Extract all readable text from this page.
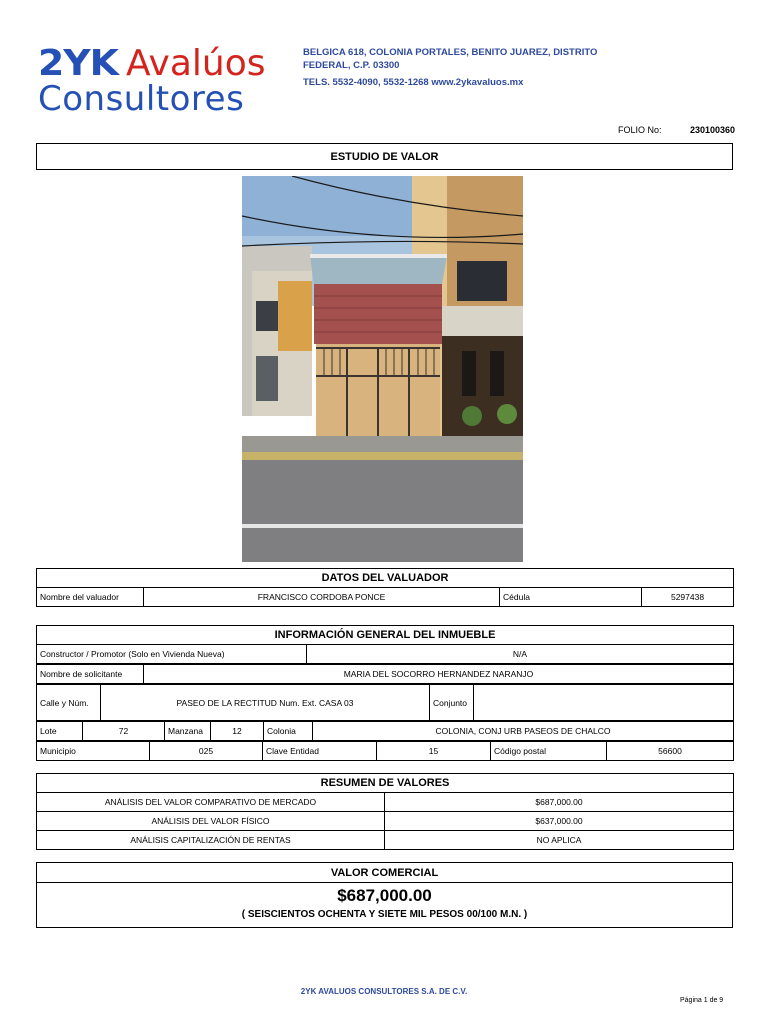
2YK Avalúos
Consultores
BELGICA 618, COLONIA PORTALES, BENITO JUAREZ, DISTRITO FEDERAL, C.P. 03300
TELS. 5532-4090, 5532-1268 www.2ykavaluos.mx
FOLIO No:	230100360
ESTUDIO DE VALOR
DATOS DEL VALUADOR
Nombre del valuador	FRANCISCO CORDOBA PONCE	Cédula	5297438
INFORMACIÓN GENERAL DEL INMUEBLE
Constructor / Promotor (Solo en Vivienda Nueva)	N/A
Nombre de solicitante	MARIA DEL SOCORRO HERNANDEZ NARANJO
Calle y Núm.	PASEO DE LA RECTITUD Num. Ext. CASA 03	Conjunto	
Lote	72	Manzana	12	Colonia	COLONIA, CONJ URB PASEOS DE CHALCO
Municipio	025	Clave Entidad	15	Código postal	56600
RESUMEN DE VALORES	
ANÁLISIS DEL VALOR COMPARATIVO DE MERCADO	$687,000.00
ANÁLISIS DEL VALOR FÍSICO	$637,000.00
ANÁLISIS CAPITALIZACIÓN DE RENTAS	NO APLICA
VALOR COMERCIAL
$687,000.00
( SEISCIENTOS OCHENTA Y SIETE MIL PESOS 00/100 M.N. )
2YK AVALUOS CONSULTORES S.A. DE C.V.
Página 1 de 9
